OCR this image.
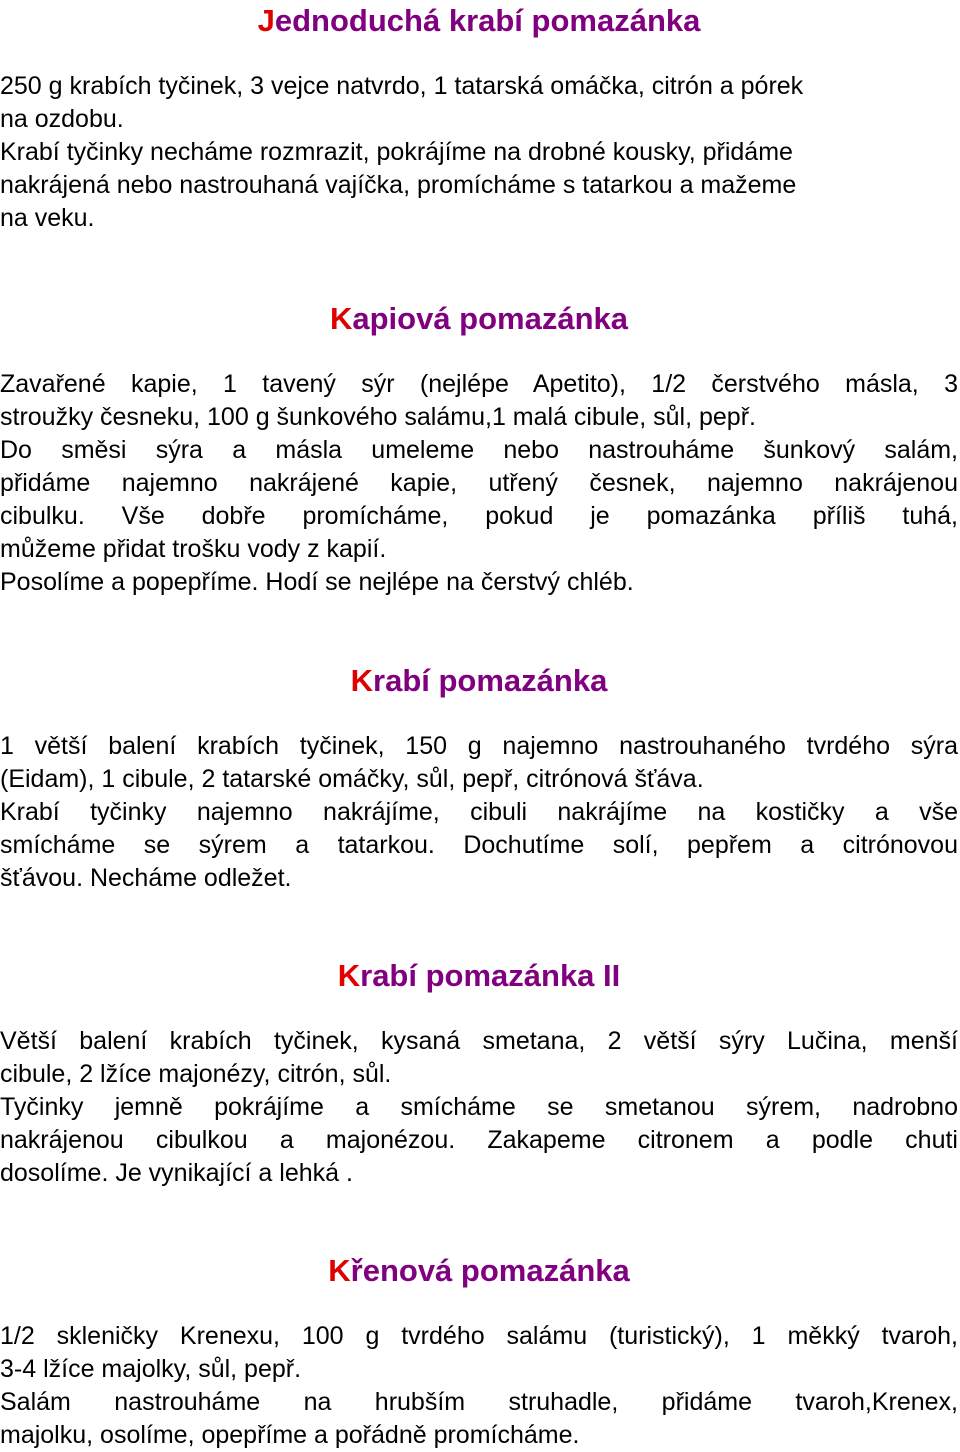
Jednoduchá krabí pomazánka
250 g krabích tyčinek, 3 vejce natvrdo, 1 tatarská omáčka, citrón a pórek
na ozdobu.
Krabí tyčinky necháme rozmrazit, pokrájíme na drobné kousky, přidáme
nakrájená nebo nastrouhaná vajíčka, promícháme s tatarkou a mažeme
na veku.
Kapiová pomazánka
Zavařené kapie, 1 tavený sýr (nejlépe Apetito), 1/2 čerstvého másla, 3
stroužky česneku, 100 g šunkového salámu,1 malá cibule, sůl, pepř.
Do směsi sýra a másla umeleme nebo nastrouháme šunkový salám,
přidáme najemno nakrájené kapie, utřený česnek, najemno nakrájenou
cibulku. Vše dobře promícháme, pokud je pomazánka příliš tuhá,
můžeme přidat trošku vody z kapií.
Posolíme a popepříme. Hodí se nejlépe na čerstvý chléb.
Krabí pomazánka
1 větší balení krabích tyčinek, 150 g najemno nastrouhaného tvrdého sýra
(Eidam), 1 cibule, 2 tatarské omáčky, sůl, pepř, citrónová šťáva.
Krabí tyčinky najemno nakrájíme, cibuli nakrájíme na kostičky a vše
smícháme se sýrem a tatarkou. Dochutíme solí, pepřem a citrónovou
šťávou. Necháme odležet.
Krabí pomazánka II
Větší balení krabích tyčinek, kysaná smetana, 2 větší sýry Lučina, menší
cibule, 2 lžíce majonézy, citrón, sůl.
Tyčinky jemně pokrájíme a smícháme se smetanou sýrem, nadrobno
nakrájenou cibulkou a majonézou. Zakapeme citronem a podle chuti
dosolíme. Je vynikající a lehká .
Křenová pomazánka
1/2 skleničky Krenexu, 100 g tvrdého salámu (turistický), 1 měkký tvaroh,
3-4 lžíce majolky, sůl, pepř.
Salám nastrouháme na hrubším struhadle, přidáme tvaroh,Krenex,
majolku, osolíme, opepříme a pořádně promícháme.
